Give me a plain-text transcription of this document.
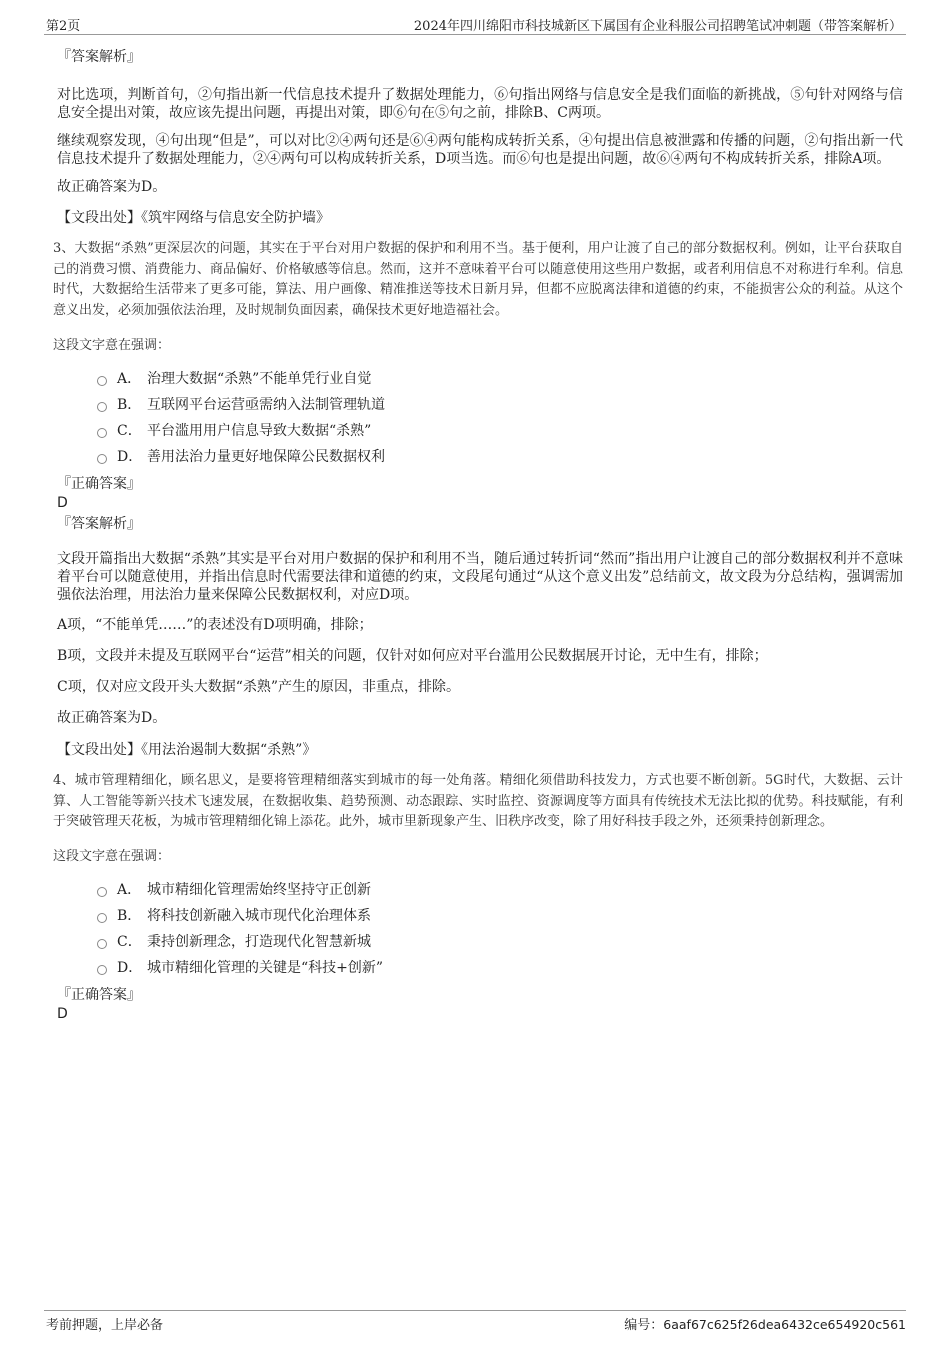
第2页	2024年四川绵阳市科技城新区下属国有企业科服公司招聘笔试冲刺题（带答案解析）

『答案解析』

对比选项，判断首句，②句指出新一代信息技术提升了数据处理能力，⑥句指出网络与信息安全是我们面临的新挑战，⑤句针对网络与信息安全提出对策，故应该先提出问题，再提出对策，即⑥句在⑤句之前，排除B、C两项。

继续观察发现，④句出现“但是”，可以对比②④两句还是⑥④两句能构成转折关系，④句提出信息被泄露和传播的问题，②句指出新一代信息技术提升了数据处理能力，②④两句可以构成转折关系，D项当选。而⑥句也是提出问题，故⑥④两句不构成转折关系，排除A项。

故正确答案为D。

【文段出处】《筑牢网络与信息安全防护墙》

3、大数据“杀熟”更深层次的问题，其实在于平台对用户数据的保护和利用不当。基于便利，用户让渡了自己的部分数据权利。例如，让平台获取自己的消费习惯、消费能力、商品偏好、价格敏感等信息。然而，这并不意味着平台可以随意使用这些用户数据，或者利用信息不对称进行牟利。信息时代，大数据给生活带来了更多可能，算法、用户画像、精准推送等技术日新月异，但都不应脱离法律和道德的约束，不能损害公众的利益。从这个意义出发，必须加强依法治理，及时规制负面因素，确保技术更好地造福社会。

这段文字意在强调：

A． 治理大数据“杀熟”不能单凭行业自觉
B． 互联网平台运营亟需纳入法制管理轨道
C． 平台滥用用户信息导致大数据“杀熟”
D． 善用法治力量更好地保障公民数据权利

『正确答案』

D

『答案解析』

文段开篇指出大数据“杀熟”其实是平台对用户数据的保护和利用不当，随后通过转折词“然而”指出用户让渡自己的部分数据权利并不意味着平台可以随意使用，并指出信息时代需要法律和道德的约束，文段尾句通过“从这个意义出发”总结前文，故文段为分总结构，强调需加强依法治理，用法治力量来保障公民数据权利，对应D项。

A项，“不能单凭……”的表述没有D项明确，排除；

B项，文段并未提及互联网平台“运营”相关的问题，仅针对如何应对平台滥用公民数据展开讨论，无中生有，排除；

C项，仅对应文段开头大数据“杀熟”产生的原因，非重点，排除。

故正确答案为D。

【文段出处】《用法治遏制大数据“杀熟”》

4、城市管理精细化，顾名思义，是要将管理精细落实到城市的每一处角落。精细化须借助科技发力，方式也要不断创新。5G时代，大数据、云计算、人工智能等新兴技术飞速发展，在数据收集、趋势预测、动态跟踪、实时监控、资源调度等方面具有传统技术无法比拟的优势。科技赋能，有利于突破管理天花板，为城市管理精细化锦上添花。此外，城市里新现象产生、旧秩序改变，除了用好科技手段之外，还须秉持创新理念。

这段文字意在强调：

A． 城市精细化管理需始终坚持守正创新
B． 将科技创新融入城市现代化治理体系
C． 秉持创新理念，打造现代化智慧新城
D． 城市精细化管理的关键是“科技+创新”

『正确答案』

D

考前押题，上岸必备	编号：6aaf67c625f26dea6432ce654920c561
